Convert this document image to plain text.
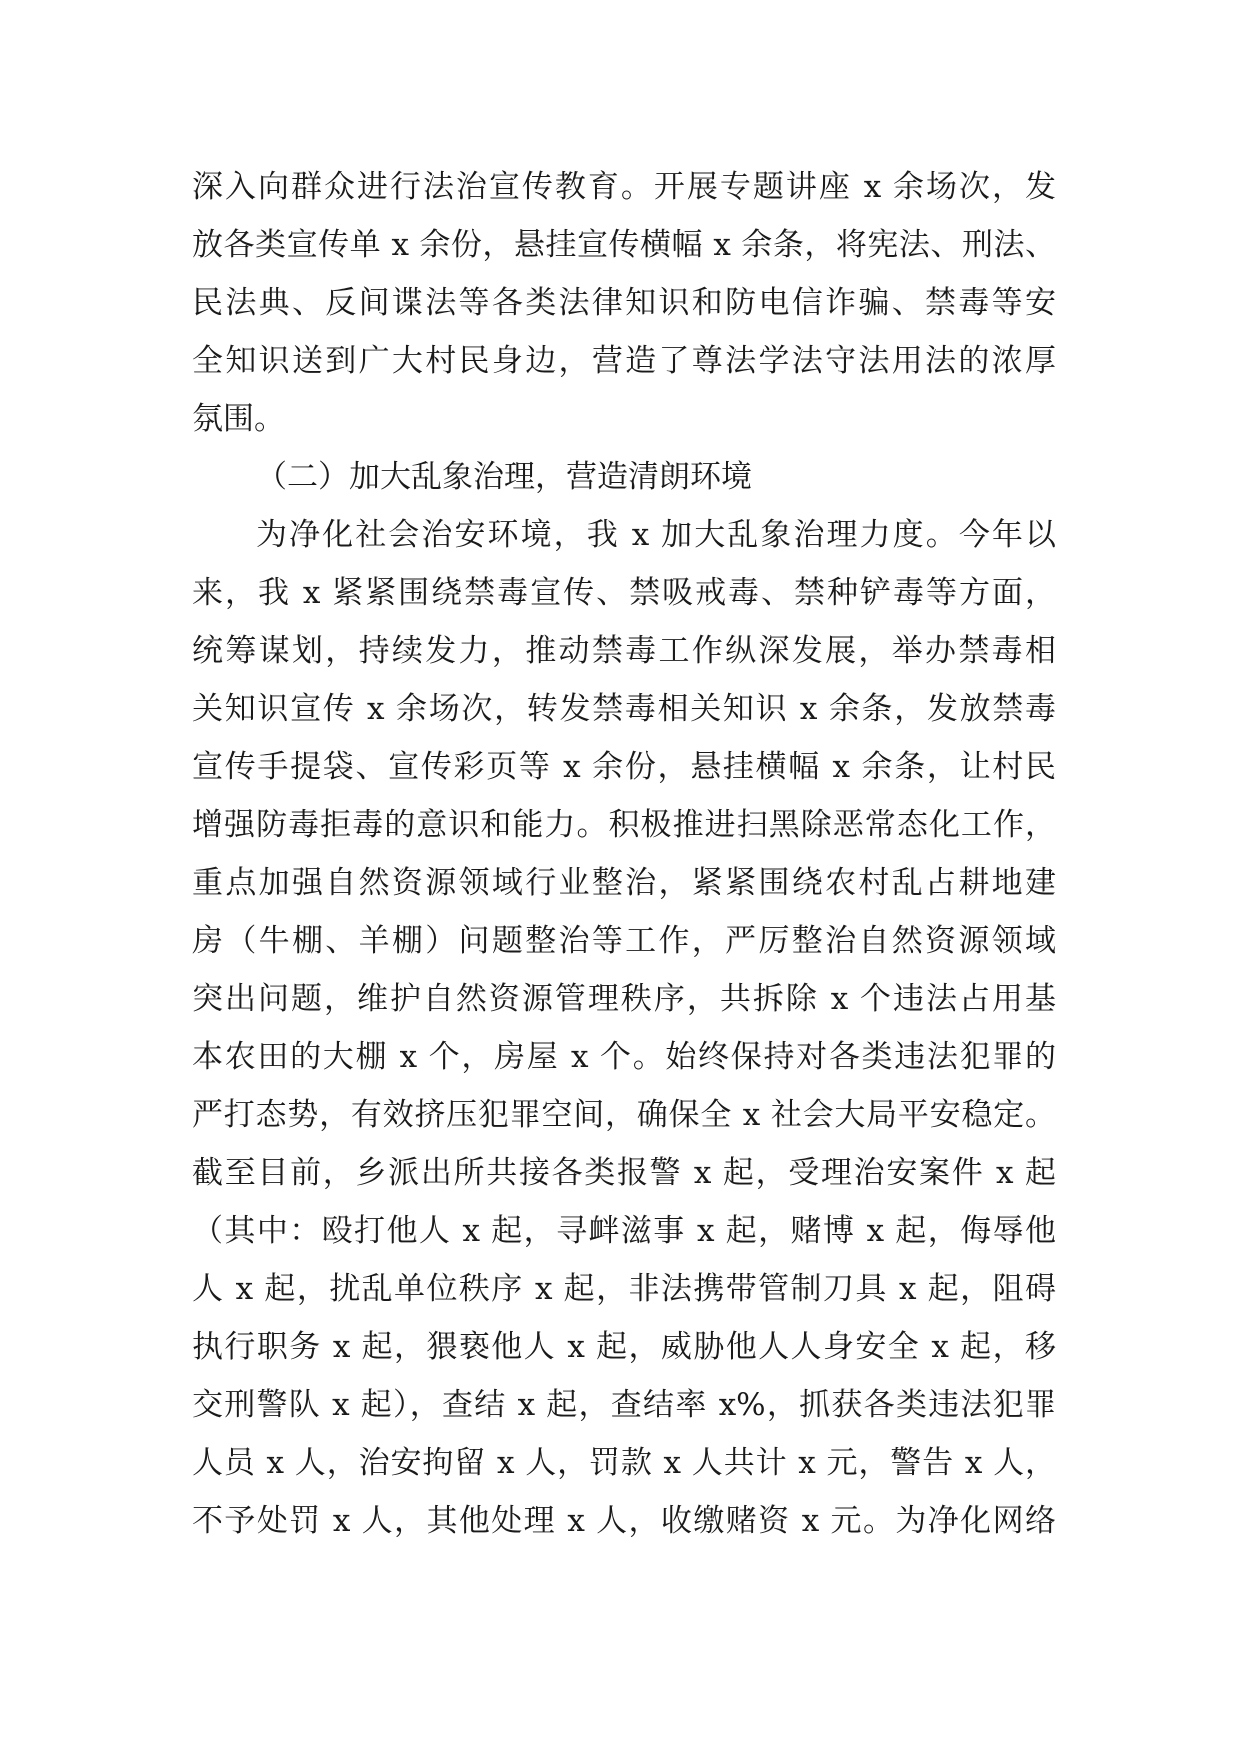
深入向群众进行法治宣传教育。开展专题讲座 x 余场次，发
放各类宣传单 x 余份，悬挂宣传横幅 x 余条，将宪法、刑法、
民法典、反间谍法等各类法律知识和防电信诈骗、禁毒等安
全知识送到广大村民身边，营造了尊法学法守法用法的浓厚
氛围。
（二）加大乱象治理，营造清朗环境
为净化社会治安环境，我 x 加大乱象治理力度。今年以
来，我 x 紧紧围绕禁毒宣传、禁吸戒毒、禁种铲毒等方面，
统筹谋划，持续发力，推动禁毒工作纵深发展，举办禁毒相
关知识宣传 x 余场次，转发禁毒相关知识 x 余条，发放禁毒
宣传手提袋、宣传彩页等 x 余份，悬挂横幅 x 余条，让村民
增强防毒拒毒的意识和能力。积极推进扫黑除恶常态化工作，
重点加强自然资源领域行业整治，紧紧围绕农村乱占耕地建
房（牛棚、羊棚）问题整治等工作，严厉整治自然资源领域
突出问题，维护自然资源管理秩序，共拆除 x 个违法占用基
本农田的大棚 x 个，房屋 x 个。始终保持对各类违法犯罪的
严打态势，有效挤压犯罪空间，确保全 x 社会大局平安稳定。
截至目前，乡派出所共接各类报警 x 起，受理治安案件 x 起
（其中：殴打他人 x 起，寻衅滋事 x 起，赌博 x 起，侮辱他
人 x 起，扰乱单位秩序 x 起，非法携带管制刀具 x 起，阻碍
执行职务 x 起，猥亵他人 x 起，威胁他人人身安全 x 起，移
交刑警队 x 起），查结 x 起，查结率 x%，抓获各类违法犯罪
人员 x 人，治安拘留 x 人，罚款 x 人共计 x 元，警告 x 人，
不予处罚 x 人，其他处理 x 人，收缴赌资 x 元。为净化网络
